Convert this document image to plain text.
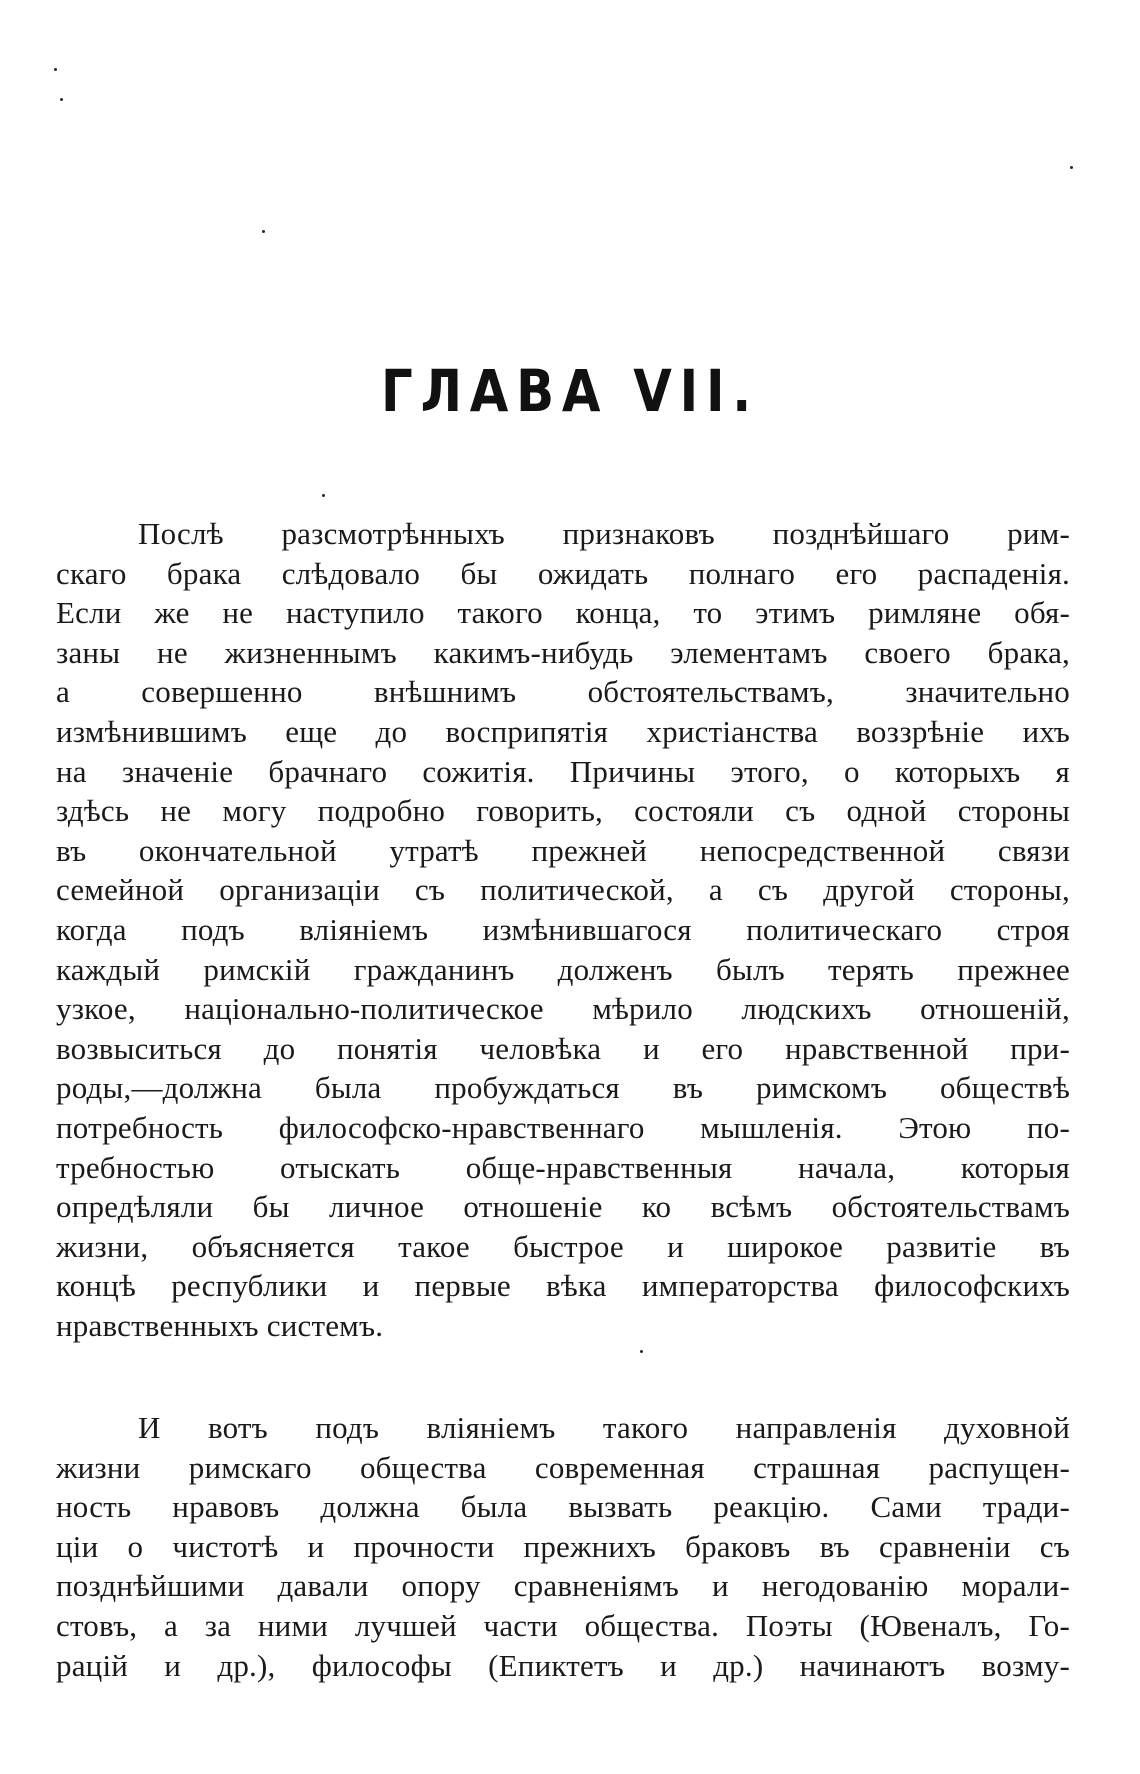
ГЛАВА VII.
Послѣ разсмотрѣнныхъ признаковъ позднѣйшаго рим-
скаго брака слѣдовало бы ожидать полнаго его распаденія.
Если же не наступило такого конца, то этимъ римляне обя-
заны не жизненнымъ какимъ-нибудь элементамъ своего брака,
а совершенно внѣшнимъ обстоятельствамъ, значительно
измѣнившимъ еще до восприпятія христіанства воззрѣніе ихъ
на значеніе брачнаго сожитія. Причины этого, о которыхъ я
здѣсь не могу подробно говорить, состояли съ одной стороны
въ окончательной утратѣ прежней непосредственной связи
семейной организаціи съ политической, а съ другой стороны,
когда подъ вліяніемъ измѣнившагося политическаго строя
каждый римскій гражданинъ долженъ былъ терять прежнее
узкое, національно-политическое мѣрило людскихъ отношеній,
возвыситься до понятія человѣка и его нравственной при-
роды,—должна была пробуждаться въ римскомъ обществѣ
потребность философско-нравственнаго мышленія. Этою по-
требностью отыскать обще-нравственныя начала, которыя
опредѣляли бы личное отношеніе ко всѣмъ обстоятельствамъ
жизни, объясняется такое быстрое и широкое развитіе въ
концѣ республики и первые вѣка императорства философскихъ
нравственныхъ системъ.
И вотъ подъ вліяніемъ такого направленія духовной
жизни римскаго общества современная страшная распущен-
ность нравовъ должна была вызвать реакцію. Сами тради-
ціи о чистотѣ и прочности прежнихъ браковъ въ сравненіи съ
позднѣйшими давали опору сравненіямъ и негодованію морали-
стовъ, а за ними лучшей части общества. Поэты (Ювеналъ, Го-
рацій и др.), философы (Епиктетъ и др.) начинаютъ возму-
